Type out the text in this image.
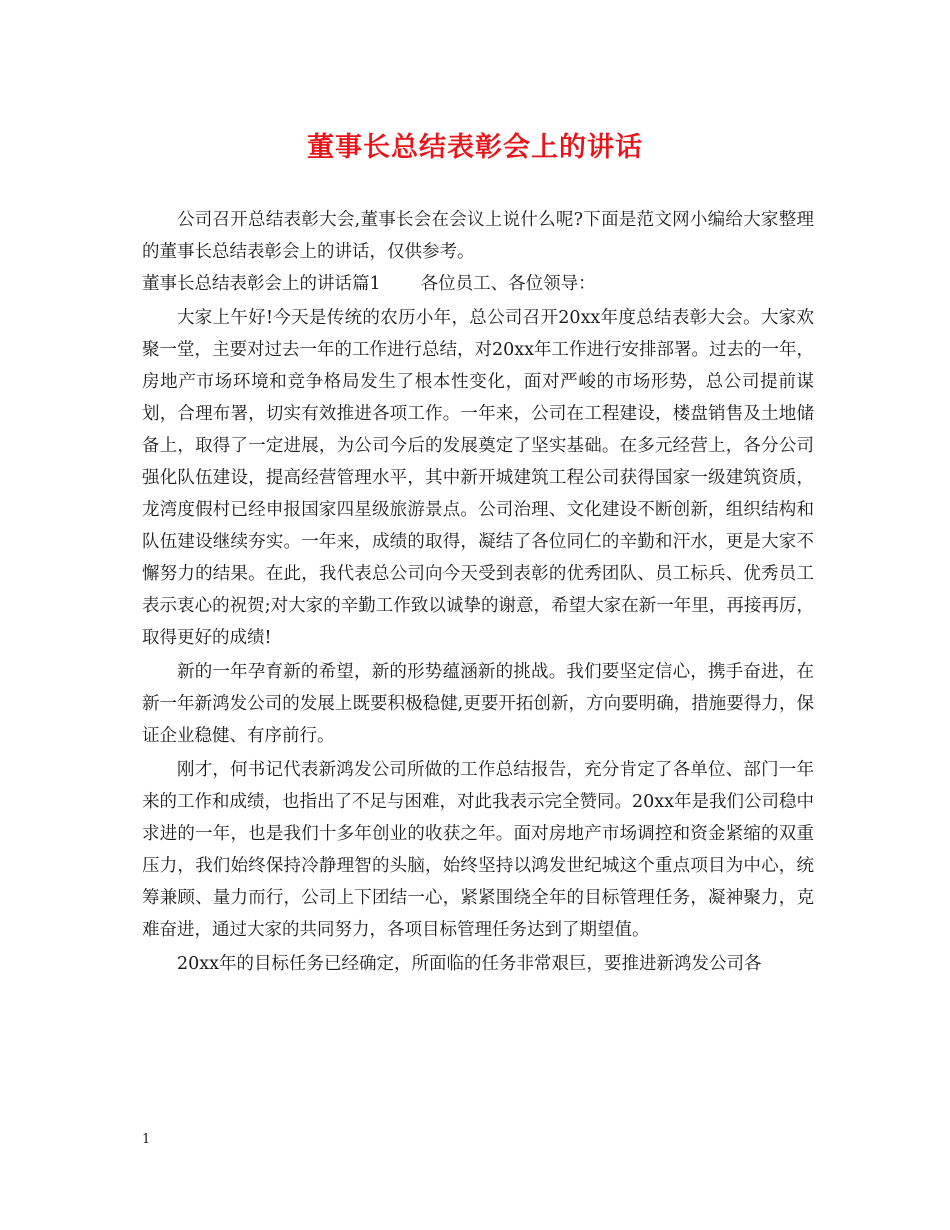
董事长总结表彰会上的讲话

公司召开总结表彰大会,董事长会在会议上说什么呢?下面是范文网小编给大家整理的董事长总结表彰会上的讲话，仅供参考。

董事长总结表彰会上的讲话篇1 各位员工、各位领导：

大家上午好!今天是传统的农历小年，总公司召开20xx年度总结表彰大会。大家欢聚一堂，主要对过去一年的工作进行总结，对20xx年工作进行安排部署。过去的一年，房地产市场环境和竞争格局发生了根本性变化，面对严峻的市场形势，总公司提前谋划，合理布署，切实有效推进各项工作。一年来，公司在工程建设，楼盘销售及土地储备上，取得了一定进展，为公司今后的发展奠定了坚实基础。在多元经营上，各分公司强化队伍建设，提高经营管理水平，其中新开城建筑工程公司获得国家一级建筑资质，龙湾度假村已经申报国家四星级旅游景点。公司治理、文化建设不断创新，组织结构和队伍建设继续夯实。一年来，成绩的取得，凝结了各位同仁的辛勤和汗水，更是大家不懈努力的结果。在此，我代表总公司向今天受到表彰的优秀团队、员工标兵、优秀员工表示衷心的祝贺;对大家的辛勤工作致以诚挚的谢意，希望大家在新一年里，再接再厉，取得更好的成绩!

新的一年孕育新的希望，新的形势蕴涵新的挑战。我们要坚定信心，携手奋进，在新一年新鸿发公司的发展上既要积极稳健,更要开拓创新，方向要明确，措施要得力，保证企业稳健、有序前行。

刚才，何书记代表新鸿发公司所做的工作总结报告，充分肯定了各单位、部门一年来的工作和成绩，也指出了不足与困难，对此我表示完全赞同。20xx年是我们公司稳中求进的一年，也是我们十多年创业的收获之年。面对房地产市场调控和资金紧缩的双重压力，我们始终保持冷静理智的头脑，始终坚持以鸿发世纪城这个重点项目为中心，统筹兼顾、量力而行，公司上下团结一心，紧紧围绕全年的目标管理任务，凝神聚力，克难奋进，通过大家的共同努力，各项目标管理任务达到了期望值。

20xx年的目标任务已经确定，所面临的任务非常艰巨，要推进新鸿发公司各

1
